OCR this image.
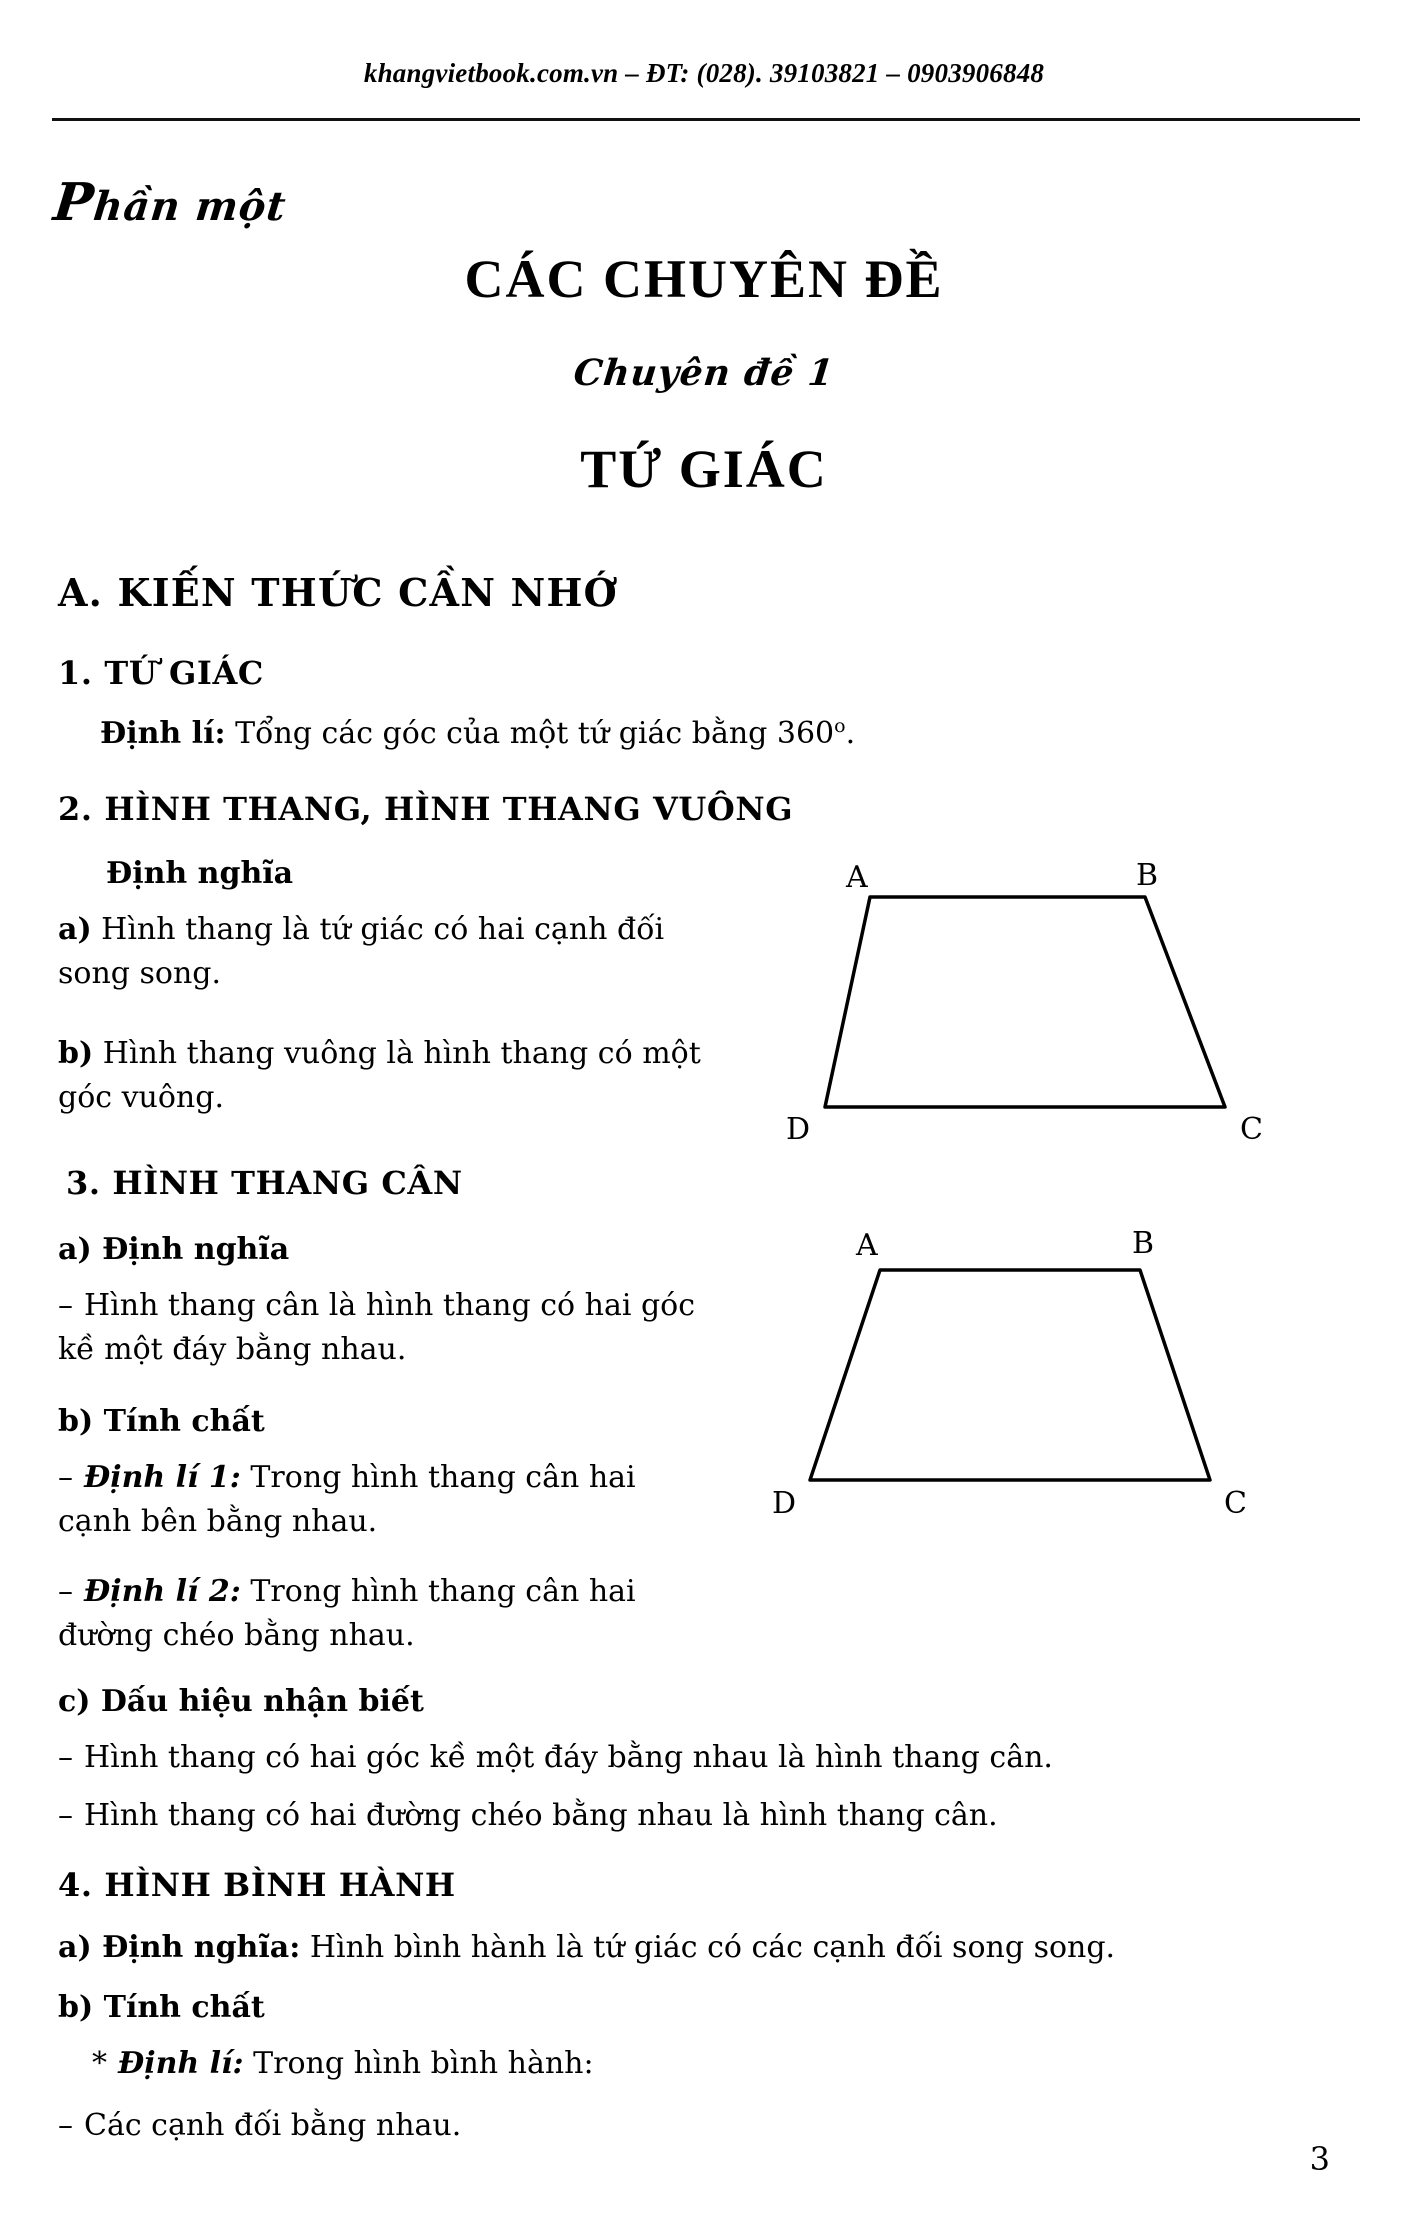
khangvietbook.com.vn – ĐT: (028). 39103821 – 0903906848
Phần một
CÁC CHUYÊN ĐỀ
Chuyên đề 1
TỨ GIÁC
A. KIẾN THỨC CẦN NHỚ
1. TỨ GIÁC
Định lí: Tổng các góc của một tứ giác bằng 360$^o$.
2. HÌNH THANG, HÌNH THANG VUÔNG
Định nghĩa
a) Hình thang là tứ giác có hai cạnh đối song song.
b) Hình thang vuông là hình thang có một góc vuông.
3. HÌNH THANG CÂN
a) Định nghĩa
– Hình thang cân là hình thang có hai góc kề một đáy bằng nhau.
b) Tính chất
– Định lí 1: Trong hình thang cân hai cạnh bên bằng nhau.
– Định lí 2: Trong hình thang cân hai đường chéo bằng nhau.
c) Dấu hiệu nhận biết
– Hình thang có hai góc kề một đáy bằng nhau là hình thang cân.
– Hình thang có hai đường chéo bằng nhau là hình thang cân.
4. HÌNH BÌNH HÀNH
a) Định nghĩa: Hình bình hành là tứ giác có các cạnh đối song song.
b) Tính chất
* Định lí: Trong hình bình hành:
– Các cạnh đối bằng nhau.
A	B
C
D
A	B
C
D
3
